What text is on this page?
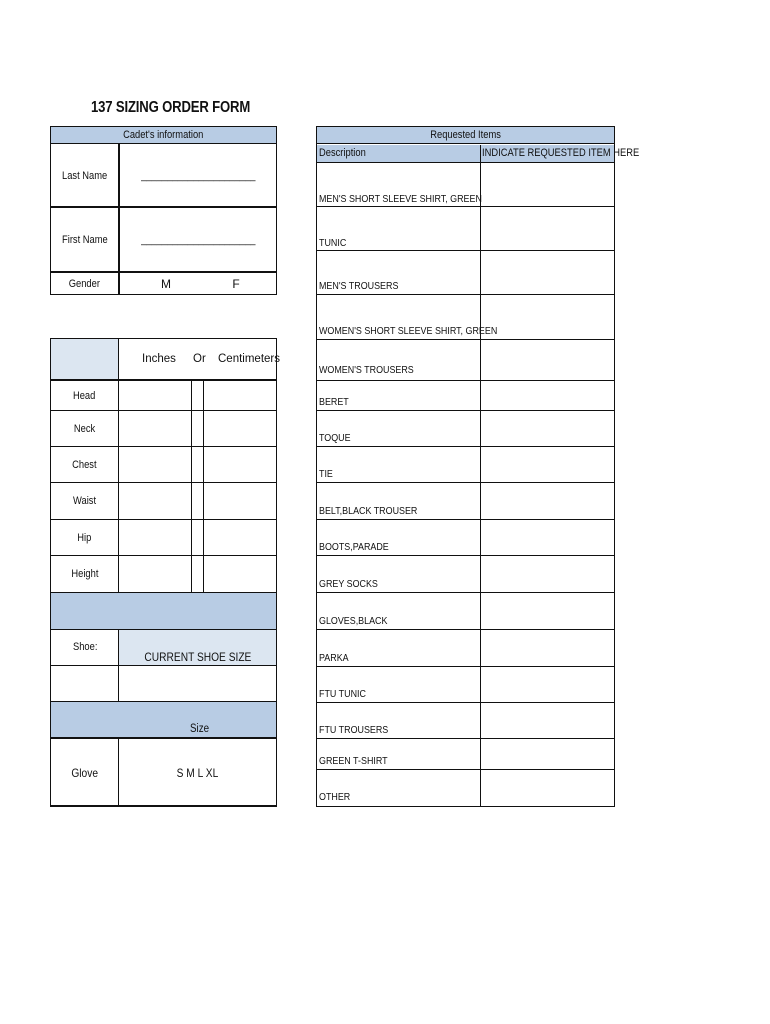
137 SIZING ORDER FORM
Cadet's information
Last Name	______________________
First Name	______________________
Gender	M	F
Inches Or Centimeters
Head
Neck
Chest
Waist
Hip
Height
Shoe:
CURRENT SHOE SIZE
Size
Glove	S M L XL
Requested Items
Description	INDICATE REQUESTED ITEM HERE
MEN'S SHORT SLEEVE SHIRT, GREEN
TUNIC
MEN'S TROUSERS
WOMEN'S SHORT SLEEVE SHIRT, GREEN
WOMEN'S TROUSERS
BERET
TOQUE
TIE
BELT,BLACK TROUSER
BOOTS,PARADE
GREY SOCKS
GLOVES,BLACK
PARKA
FTU TUNIC
FTU TROUSERS
GREEN T-SHIRT
OTHER
